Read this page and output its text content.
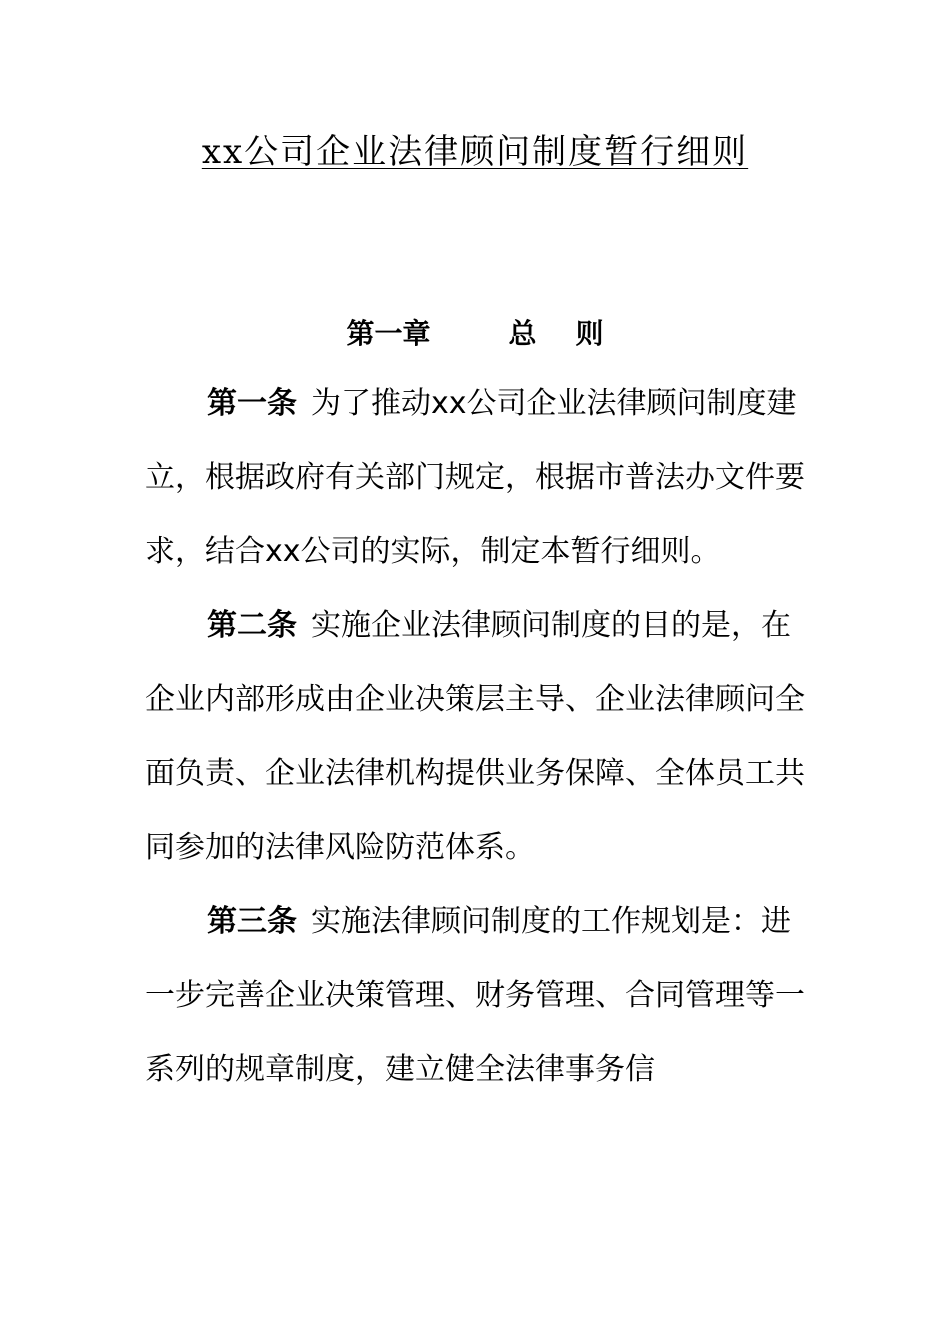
xx公司企业法律顾问制度暂行细则
第一章	总    则

第一条 为了推动xx公司企业法律顾问制度建立，根据政府有关部门规定，根据市普法办文件要求，结合xx公司的实际，制定本暂行细则。

第二条 实施企业法律顾问制度的目的是，在企业内部形成由企业决策层主导、企业法律顾问全面负责、企业法律机构提供业务保障、全体员工共同参加的法律风险防范体系。

第三条 实施法律顾问制度的工作规划是：进一步完善企业决策管理、财务管理、合同管理等一系列的规章制度，建立健全法律事务信
